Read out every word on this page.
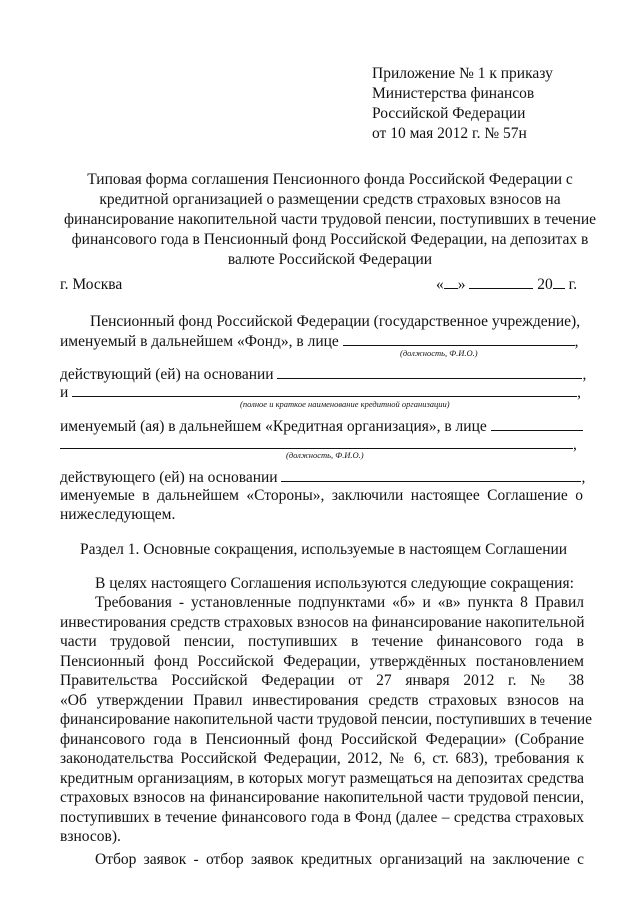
Приложение № 1 к приказу
Министерства финансов
Российской Федерации
от 10 мая 2012 г. № 57н
Типовая форма соглашения Пенсионного фонда Российской Федерации с
кредитной организацией о размещении средств страховых взносов на
финансирование накопительной части трудовой пенсии, поступивших в течение
финансового года в Пенсионный фонд Российской Федерации, на депозитах в
валюте Российской Федерации
г. Москва	« »	20 г.
Пенсионный фонд Российской Федерации (государственное учреждение),
именуемый в дальнейшем «Фонд», в лице	,
(должность, Ф.И.О.)
действующий (ей) на основании	,
и	,
(полное и краткое наименование кредитной организации)
именуемый (ая) в дальнейшем «Кредитная организация», в лице
,
(должность, Ф.И.О.)
действующего (ей) на основании	,
именуемые в дальнейшем «Стороны», заключили настоящее Соглашение о
нижеследующем.
Раздел 1. Основные сокращения, используемые в настоящем Соглашении
В целях настоящего Соглашения используются следующие сокращения:
Требования - установленные подпунктами «б» и «в» пункта 8 Правил
инвестирования средств страховых взносов на финансирование накопительной
части трудовой пенсии, поступивших в течение финансового года в
Пенсионный фонд Российской Федерации, утверждённых постановлением
Правительства Российской Федерации от 27 января 2012 г. № 38
«Об утверждении Правил инвестирования средств страховых взносов на
финансирование накопительной части трудовой пенсии, поступивших в течение
финансового года в Пенсионный фонд Российской Федерации» (Собрание
законодательства Российской Федерации, 2012, № 6, ст. 683), требования к
кредитным организациям, в которых могут размещаться на депозитах средства
страховых взносов на финансирование накопительной части трудовой пенсии,
поступивших в течение финансового года в Фонд (далее – средства страховых
взносов).
Отбор заявок - отбор заявок кредитных организаций на заключение с
